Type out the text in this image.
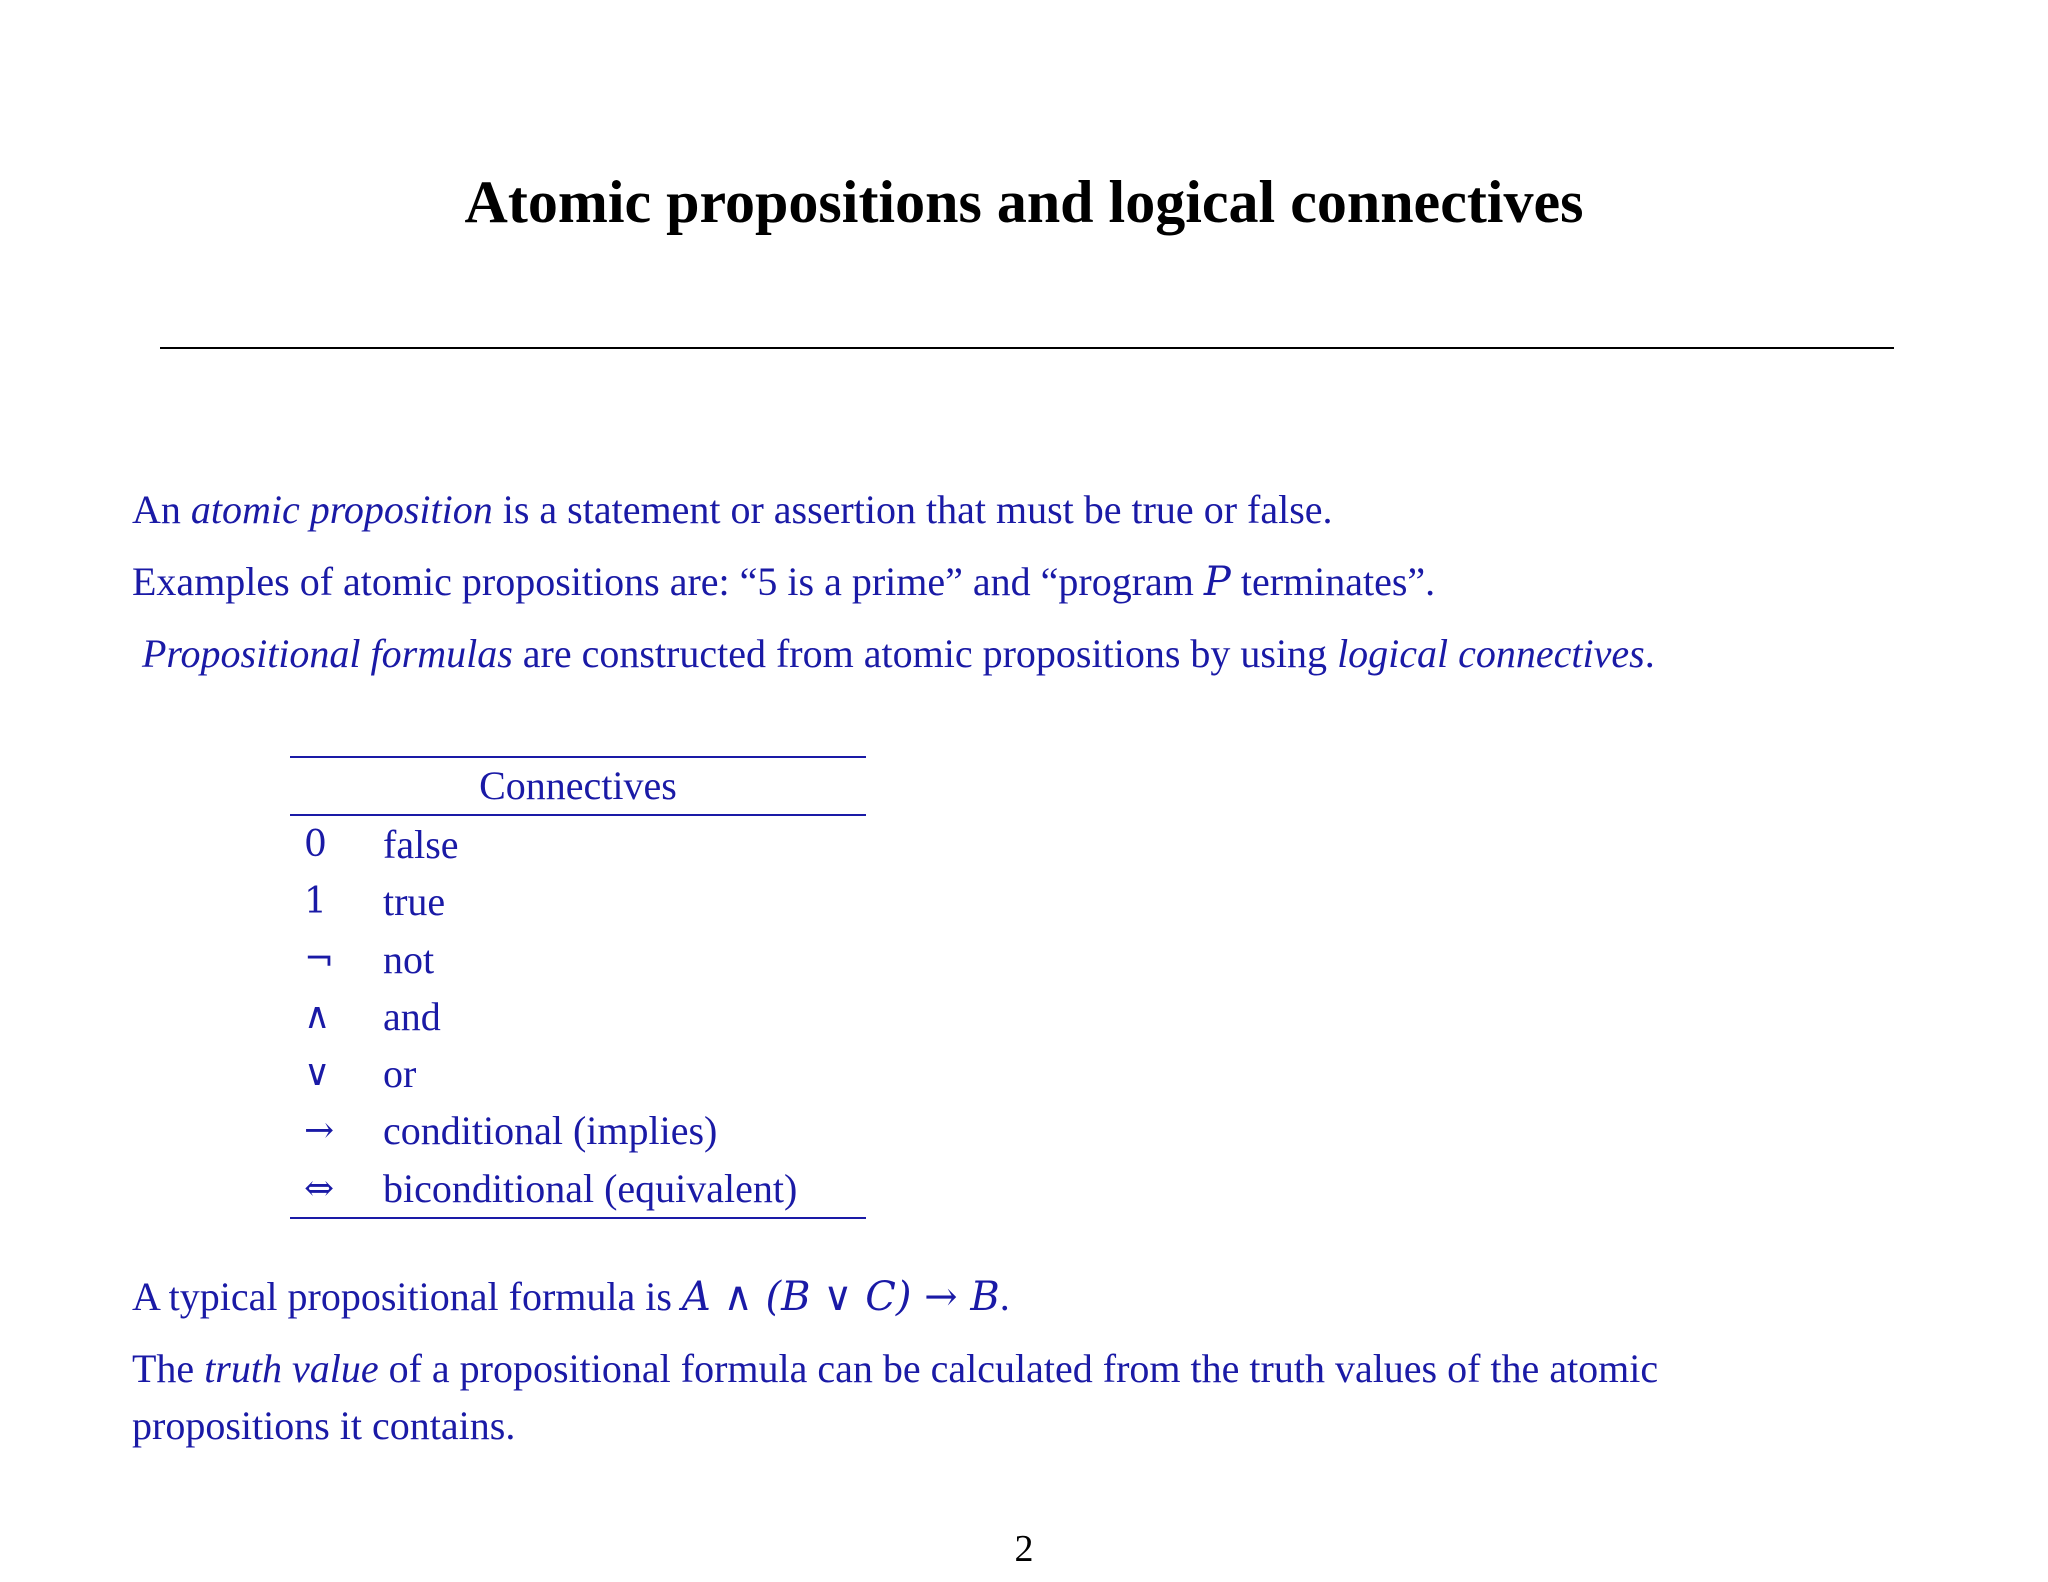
Atomic propositions and logical connectives
An atomic proposition is a statement or assertion that must be true or false.
Examples of atomic propositions are: “5 is a prime” and “program P terminates”.
Propositional formulas are constructed from atomic propositions by using logical connectives.
Connectives
0	false
1	true
¬	not
∧	and
∨	or
→	conditional (implies)
⇔	biconditional (equivalent)
A typical propositional formula is A ∧ (B ∨ C) → B.
The truth value of a propositional formula can be calculated from the truth values of the atomic
propositions it contains.
2
